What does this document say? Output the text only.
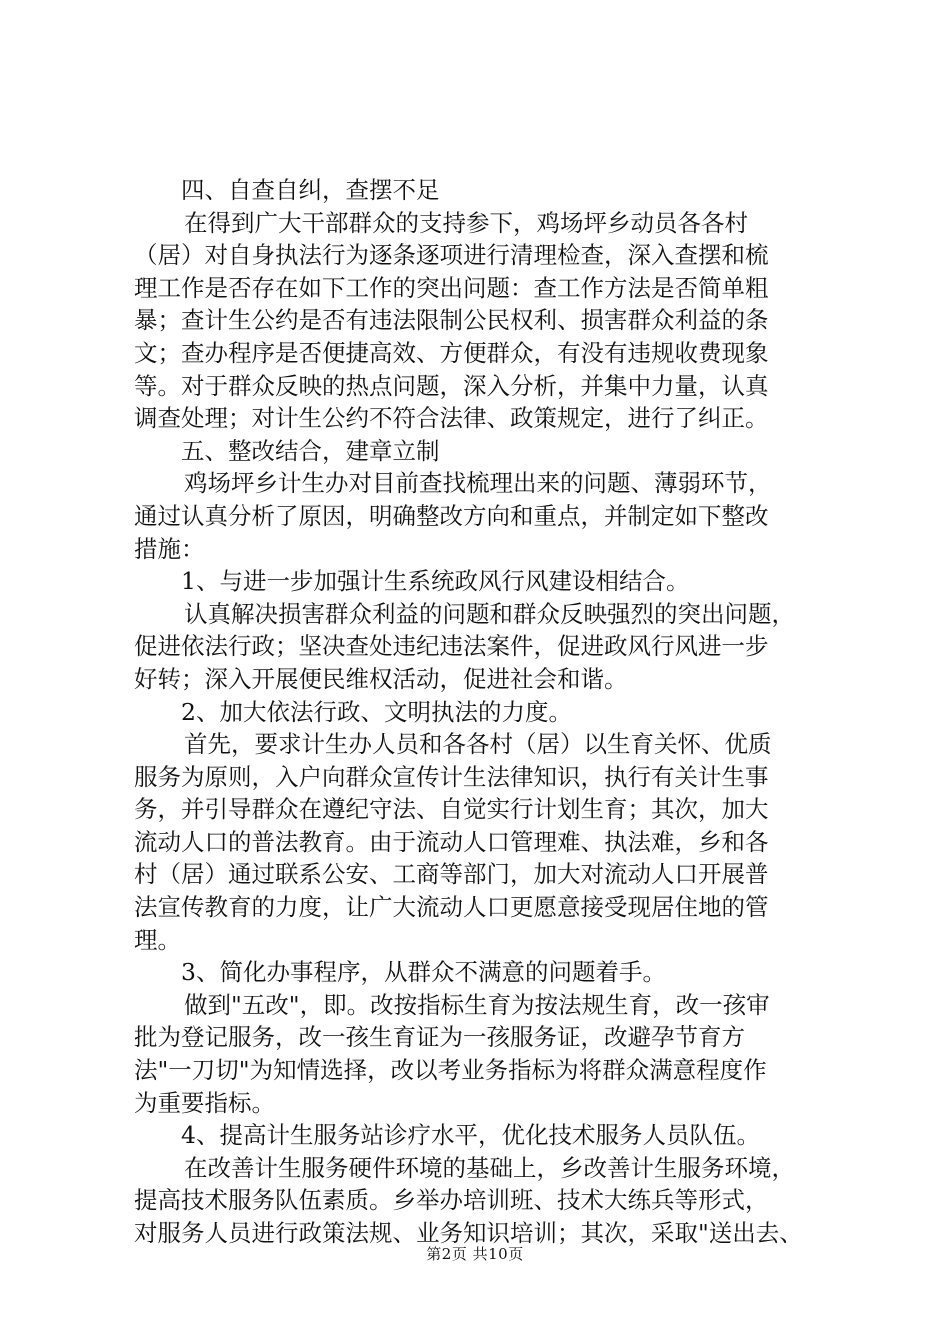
四、自查自纠，查摆不足
在得到广大干部群众的支持参下，鸡场坪乡动员各各村
（居）对自身执法行为逐条逐项进行清理检查，深入查摆和梳
理工作是否存在如下工作的突出问题：查工作方法是否简单粗
暴；查计生公约是否有违法限制公民权利、损害群众利益的条
文；查办程序是否便捷高效、方便群众，有没有违规收费现象
等。对于群众反映的热点问题，深入分析，并集中力量，认真
调查处理；对计生公约不符合法律、政策规定，进行了纠正。
五、整改结合，建章立制
鸡场坪乡计生办对目前查找梳理出来的问题、薄弱环节，
通过认真分析了原因，明确整改方向和重点，并制定如下整改
措施：
1、与进一步加强计生系统政风行风建设相结合。
认真解决损害群众利益的问题和群众反映强烈的突出问题，
促进依法行政；坚决查处违纪违法案件，促进政风行风进一步
好转；深入开展便民维权活动，促进社会和谐。
2、加大依法行政、文明执法的力度。
首先，要求计生办人员和各各村（居）以生育关怀、优质
服务为原则，入户向群众宣传计生法律知识，执行有关计生事
务，并引导群众在遵纪守法、自觉实行计划生育；其次，加大
流动人口的普法教育。由于流动人口管理难、执法难，乡和各
村（居）通过联系公安、工商等部门，加大对流动人口开展普
法宣传教育的力度，让广大流动人口更愿意接受现居住地的管
理。
3、简化办事程序，从群众不满意的问题着手。
做到"五改"，即。改按指标生育为按法规生育，改一孩审
批为登记服务，改一孩生育证为一孩服务证，改避孕节育方
法"一刀切"为知情选择，改以考业务指标为将群众满意程度作
为重要指标。
4、提高计生服务站诊疗水平，优化技术服务人员队伍。
在改善计生服务硬件环境的基础上，乡改善计生服务环境，
提高技术服务队伍素质。乡举办培训班、技术大练兵等形式，
对服务人员进行政策法规、业务知识培训；其次，采取"送出去、
第2页 共10页
